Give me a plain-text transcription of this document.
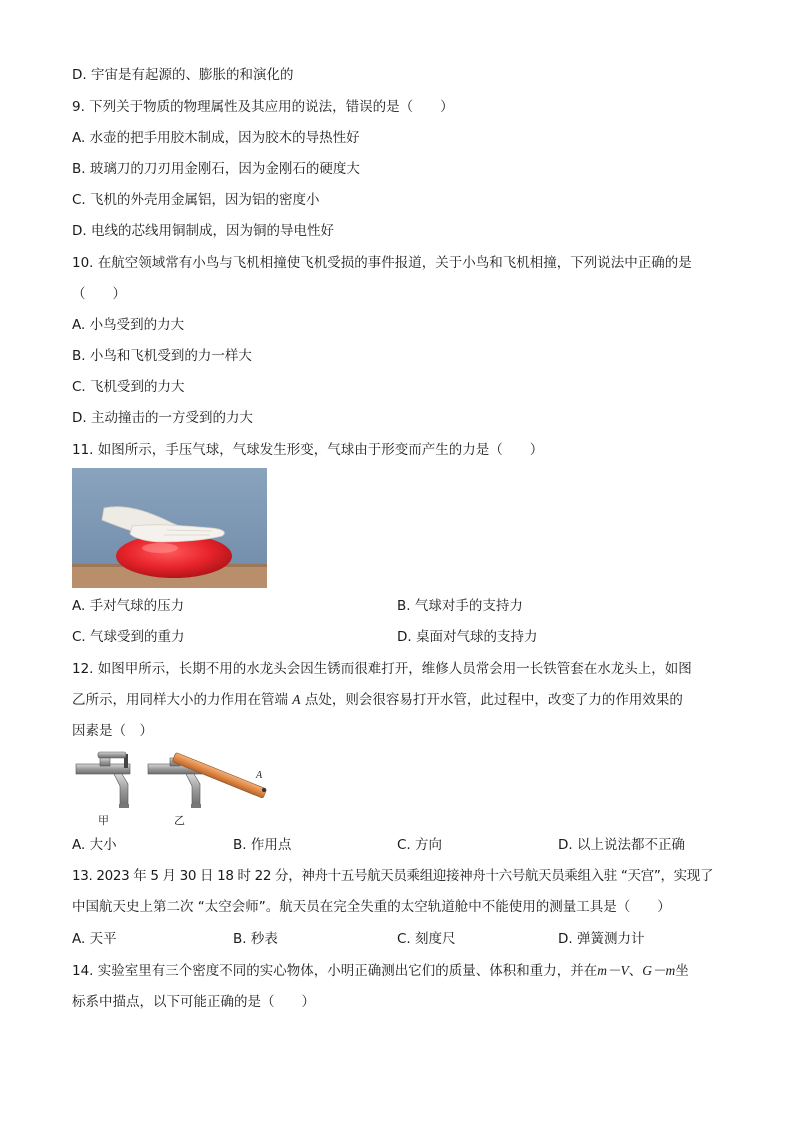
D. 宇宙是有起源的、膨胀的和演化的
9. 下列关于物质的物理属性及其应用的说法，错误的是（　　）
A. 水壶的把手用胶木制成，因为胶木的导热性好
B. 玻璃刀的刀刃用金刚石，因为金刚石的硬度大
C. 飞机的外壳用金属铝，因为铝的密度小
D. 电线的芯线用铜制成，因为铜的导电性好
10. 在航空领域常有小鸟与飞机相撞使飞机受损的事件报道，关于小鸟和飞机相撞，下列说法中正确的是
（　　）
A. 小鸟受到的力大
B. 小鸟和飞机受到的力一样大
C. 飞机受到的力大
D. 主动撞击的一方受到的力大
11. 如图所示，手压气球，气球发生形变，气球由于形变而产生的力是（　　）
A. 手对气球的压力	B. 气球对手的支持力
C. 气球受到的重力	D. 桌面对气球的支持力
12. 如图甲所示，长期不用的水龙头会因生锈而很难打开，维修人员常会用一长铁管套在水龙头上，如图
乙所示，用同样大小的力作用在管端 A 点处，则会很容易打开水管，此过程中，改变了力的作用效果的
因素是（　）
甲
A
乙
A. 大小	B. 作用点	C. 方向	D. 以上说法都不正确
13. 2023 年 5 月 30 日 18 时 22 分，神舟十五号航天员乘组迎接神舟十六号航天员乘组入驻 “天宫”，实现了
中国航天史上第二次 “太空会师”。航天员在完全失重的太空轨道舱中不能使用的测量工具是（　　）
A. 天平	B. 秒表	C. 刻度尺	D. 弹簧测力计
14. 实验室里有三个密度不同的实心物体，小明正确测出它们的质量、体积和重力，并在m－V、G－m坐
标系中描点，以下可能正确的是（　　）
